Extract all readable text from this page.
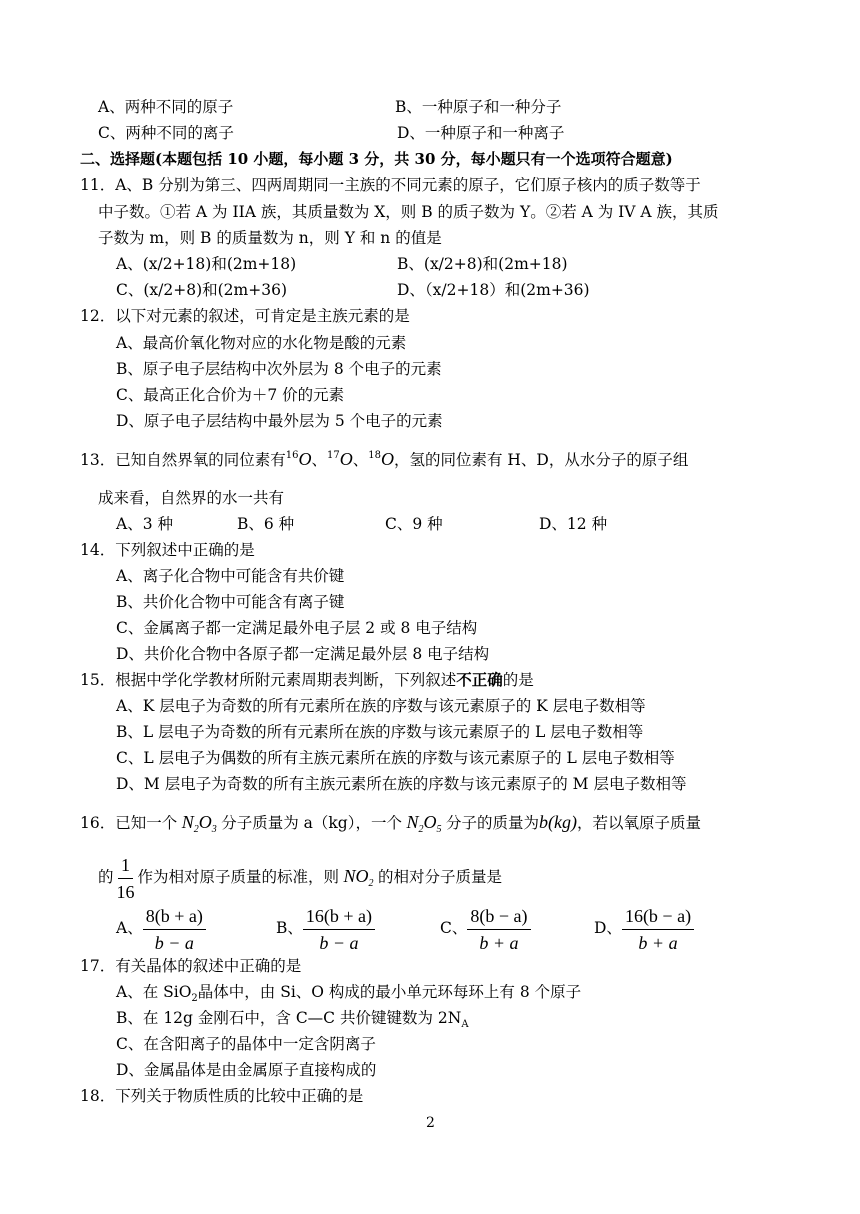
A、两种不同的原子	B、一种原子和一种分子
C、两种不同的离子	D、一种原子和一种离子
二、选择题(本题包括 10 小题，每小题 3 分，共 30 分，每小题只有一个选项符合题意)
11．A、B 分别为第三、四两周期同一主族的不同元素的原子，它们原子核内的质子数等于
中子数。①若 A 为 IIA 族，其质量数为 X，则 B 的质子数为 Y。②若 A 为 IV A 族，其质
子数为 m，则 B 的质量数为 n，则 Y 和 n 的值是
A、(x/2+18)和(2m+18)	B、(x/2+8)和(2m+18)
C、(x/2+8)和(2m+36)	D、（x/2+18）和(2m+36)
12．以下对元素的叙述，可肯定是主族元素的是
A、最高价氧化物对应的水化物是酸的元素
B、原子电子层结构中次外层为 8 个电子的元素
C、最高正化合价为＋7 价的元素
D、原子电子层结构中最外层为 5 个电子的元素
13．已知自然界氧的同位素有$^{16}$O、$^{17}$O、$^{18}$O，氢的同位素有 H、D，从水分子的原子组
成来看，自然界的水一共有
A、3 种	B、6 种	C、9 种	D、12 种
14．下列叙述中正确的是
A、离子化合物中可能含有共价键
B、共价化合物中可能含有离子键
C、金属离子都一定满足最外电子层 2 或 8 电子结构
D、共价化合物中各原子都一定满足最外层 8 电子结构
15．根据中学化学教材所附元素周期表判断，下列叙述不正确的是
A、K 层电子为奇数的所有元素所在族的序数与该元素原子的 K 层电子数相等
B、L 层电子为奇数的所有元素所在族的序数与该元素原子的 L 层电子数相等
C、L 层电子为偶数的所有主族元素所在族的序数与该元素原子的 L 层电子数相等
D、M 层电子为奇数的所有主族元素所在族的序数与该元素原子的 M 层电子数相等
16．已知一个 $N_2O_3$ 分子质量为 a（kg），一个 $N_2O_5$ 分子的质量为b(kg)，若以氧原子质量
的 $\frac{1}{16}$ 作为相对原子质量的标准，则 $NO_2$ 的相对分子质量是
A、 $\frac{8(b + a)}{b - a}$	B、 $\frac{16(b + a)}{b - a}$	C、 $\frac{8(b - a)}{b + a}$	D、 $\frac{16(b - a)}{b + a}$
17．有关晶体的叙述中正确的是
A、在 SiO$_2$晶体中，由 Si、O 构成的最小单元环每环上有 8 个原子
B、在 12g 金刚石中，含 C—C 共价键键数为 $2N_A$
C、在含阳离子的晶体中一定含阴离子
D、金属晶体是由金属原子直接构成的
18．下列关于物质性质的比较中正确的是
2
